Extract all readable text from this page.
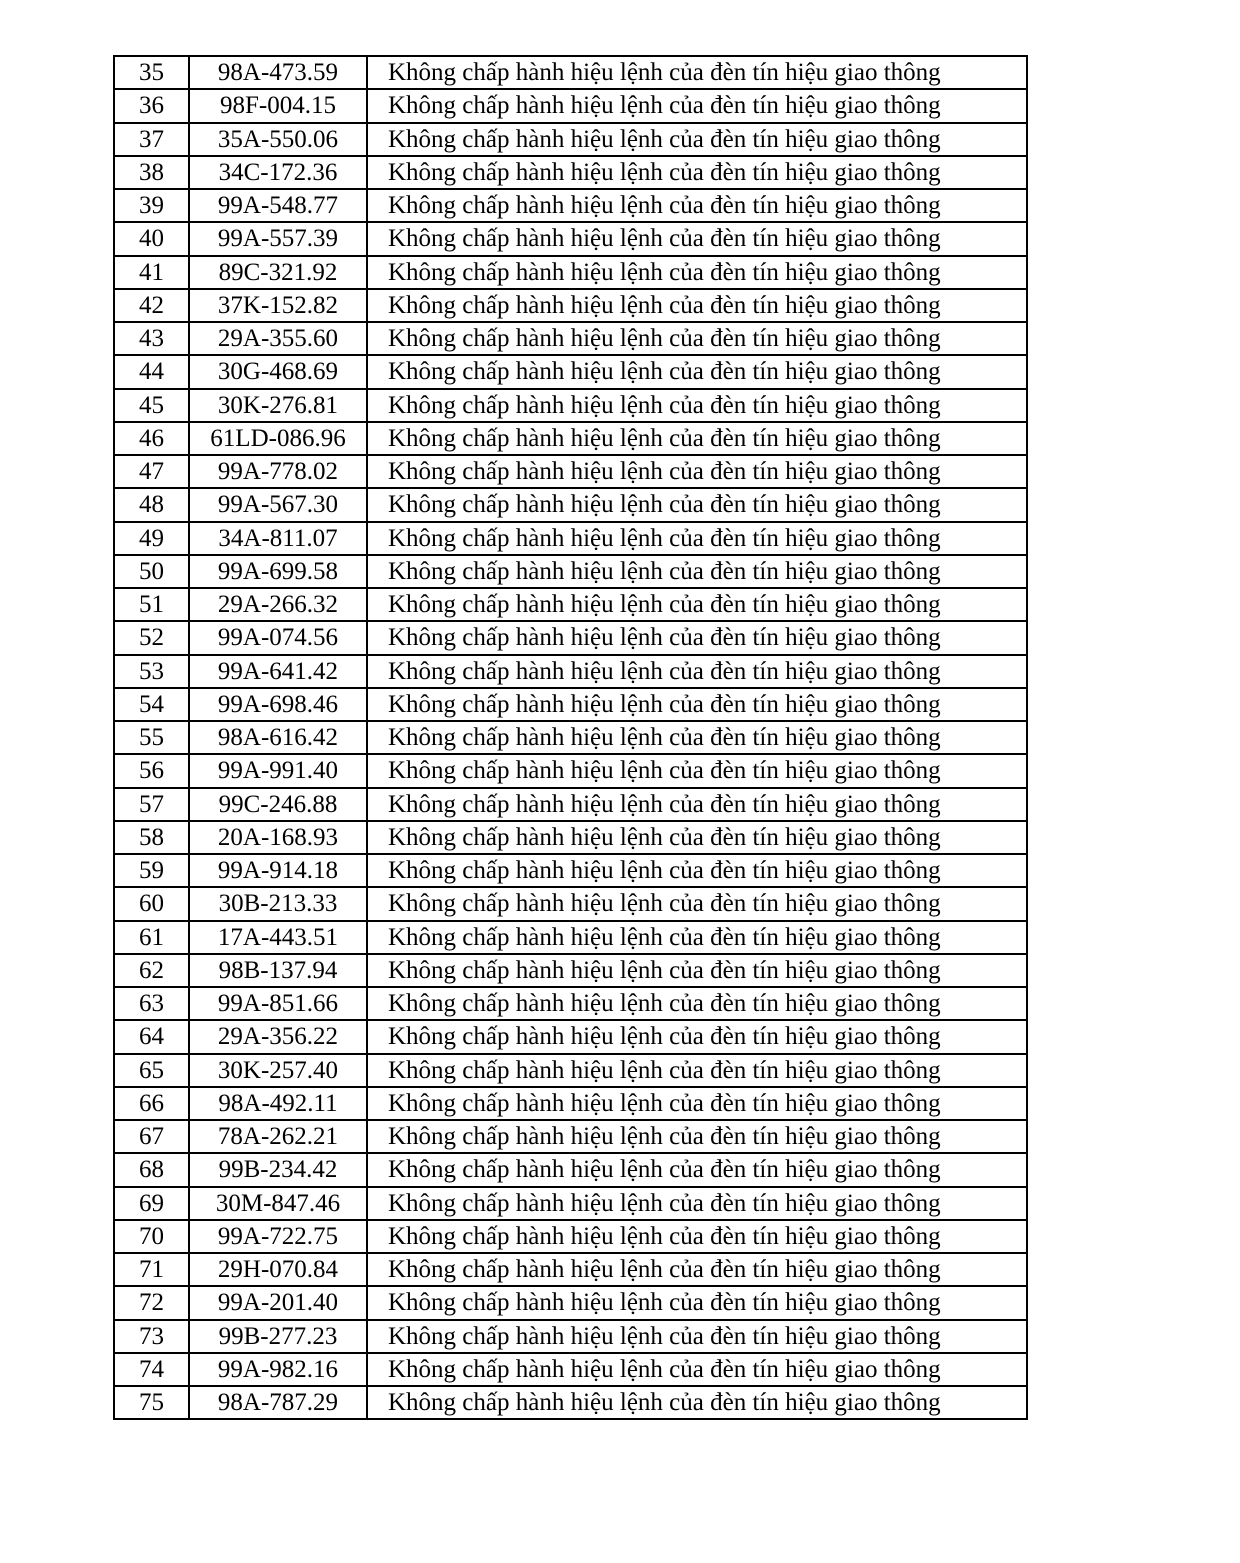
35	98A-473.59	Không chấp hành hiệu lệnh của đèn tín hiệu giao thông
36	98F-004.15	Không chấp hành hiệu lệnh của đèn tín hiệu giao thông
37	35A-550.06	Không chấp hành hiệu lệnh của đèn tín hiệu giao thông
38	34C-172.36	Không chấp hành hiệu lệnh của đèn tín hiệu giao thông
39	99A-548.77	Không chấp hành hiệu lệnh của đèn tín hiệu giao thông
40	99A-557.39	Không chấp hành hiệu lệnh của đèn tín hiệu giao thông
41	89C-321.92	Không chấp hành hiệu lệnh của đèn tín hiệu giao thông
42	37K-152.82	Không chấp hành hiệu lệnh của đèn tín hiệu giao thông
43	29A-355.60	Không chấp hành hiệu lệnh của đèn tín hiệu giao thông
44	30G-468.69	Không chấp hành hiệu lệnh của đèn tín hiệu giao thông
45	30K-276.81	Không chấp hành hiệu lệnh của đèn tín hiệu giao thông
46	61LD-086.96	Không chấp hành hiệu lệnh của đèn tín hiệu giao thông
47	99A-778.02	Không chấp hành hiệu lệnh của đèn tín hiệu giao thông
48	99A-567.30	Không chấp hành hiệu lệnh của đèn tín hiệu giao thông
49	34A-811.07	Không chấp hành hiệu lệnh của đèn tín hiệu giao thông
50	99A-699.58	Không chấp hành hiệu lệnh của đèn tín hiệu giao thông
51	29A-266.32	Không chấp hành hiệu lệnh của đèn tín hiệu giao thông
52	99A-074.56	Không chấp hành hiệu lệnh của đèn tín hiệu giao thông
53	99A-641.42	Không chấp hành hiệu lệnh của đèn tín hiệu giao thông
54	99A-698.46	Không chấp hành hiệu lệnh của đèn tín hiệu giao thông
55	98A-616.42	Không chấp hành hiệu lệnh của đèn tín hiệu giao thông
56	99A-991.40	Không chấp hành hiệu lệnh của đèn tín hiệu giao thông
57	99C-246.88	Không chấp hành hiệu lệnh của đèn tín hiệu giao thông
58	20A-168.93	Không chấp hành hiệu lệnh của đèn tín hiệu giao thông
59	99A-914.18	Không chấp hành hiệu lệnh của đèn tín hiệu giao thông
60	30B-213.33	Không chấp hành hiệu lệnh của đèn tín hiệu giao thông
61	17A-443.51	Không chấp hành hiệu lệnh của đèn tín hiệu giao thông
62	98B-137.94	Không chấp hành hiệu lệnh của đèn tín hiệu giao thông
63	99A-851.66	Không chấp hành hiệu lệnh của đèn tín hiệu giao thông
64	29A-356.22	Không chấp hành hiệu lệnh của đèn tín hiệu giao thông
65	30K-257.40	Không chấp hành hiệu lệnh của đèn tín hiệu giao thông
66	98A-492.11	Không chấp hành hiệu lệnh của đèn tín hiệu giao thông
67	78A-262.21	Không chấp hành hiệu lệnh của đèn tín hiệu giao thông
68	99B-234.42	Không chấp hành hiệu lệnh của đèn tín hiệu giao thông
69	30M-847.46	Không chấp hành hiệu lệnh của đèn tín hiệu giao thông
70	99A-722.75	Không chấp hành hiệu lệnh của đèn tín hiệu giao thông
71	29H-070.84	Không chấp hành hiệu lệnh của đèn tín hiệu giao thông
72	99A-201.40	Không chấp hành hiệu lệnh của đèn tín hiệu giao thông
73	99B-277.23	Không chấp hành hiệu lệnh của đèn tín hiệu giao thông
74	99A-982.16	Không chấp hành hiệu lệnh của đèn tín hiệu giao thông
75	98A-787.29	Không chấp hành hiệu lệnh của đèn tín hiệu giao thông
